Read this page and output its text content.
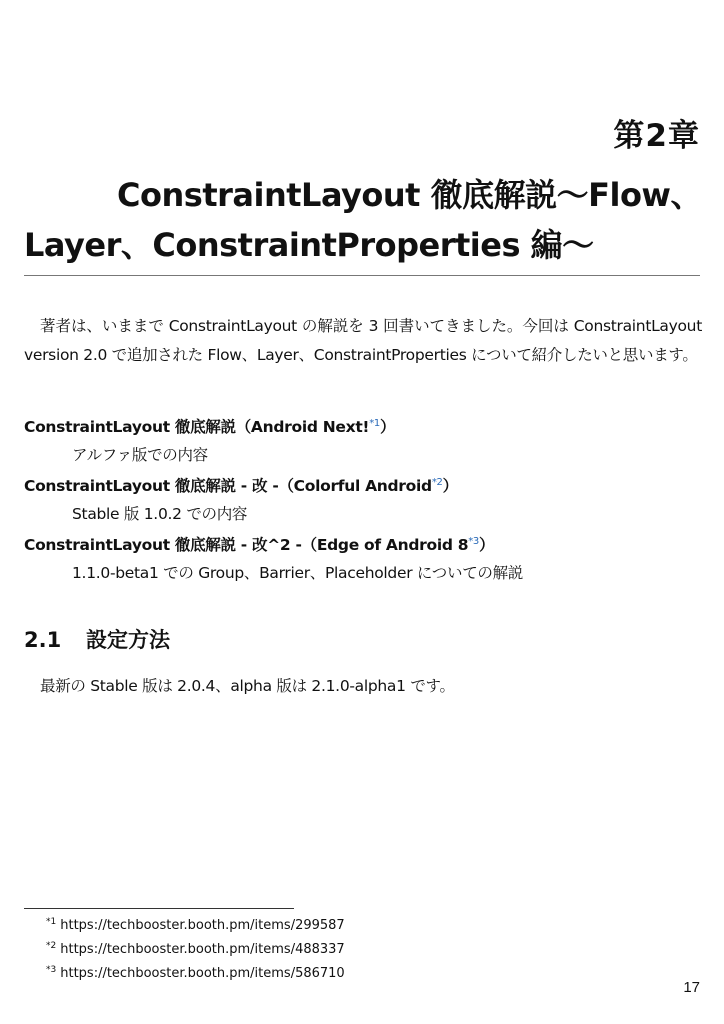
第2章
ConstraintLayout 徹底解説〜Flow、
Layer、ConstraintProperties 編〜

著者は、いままで ConstraintLayout の解説を 3 回書いてきました。今回は ConstraintLayout version 2.0 で追加された Flow、Layer、ConstraintProperties について紹介したいと思います。

ConstraintLayout 徹底解説（Android Next!$^{*1}$）
アルファ版での内容
ConstraintLayout 徹底解説 - 改 -（Colorful Android$^{*2}$）
Stable 版 1.0.2 での内容
ConstraintLayout 徹底解説 - 改^2 -（Edge of Android 8$^{*3}$）
1.1.0-beta1 での Group、Barrier、Placeholder についての解説
2.1 設定方法

最新の Stable 版は 2.0.4、alpha 版は 2.1.0-alpha1 です。

$^{*1}$ https://techbooster.booth.pm/items/299587
$^{*2}$ https://techbooster.booth.pm/items/488337
$^{*3}$ https://techbooster.booth.pm/items/586710
17
